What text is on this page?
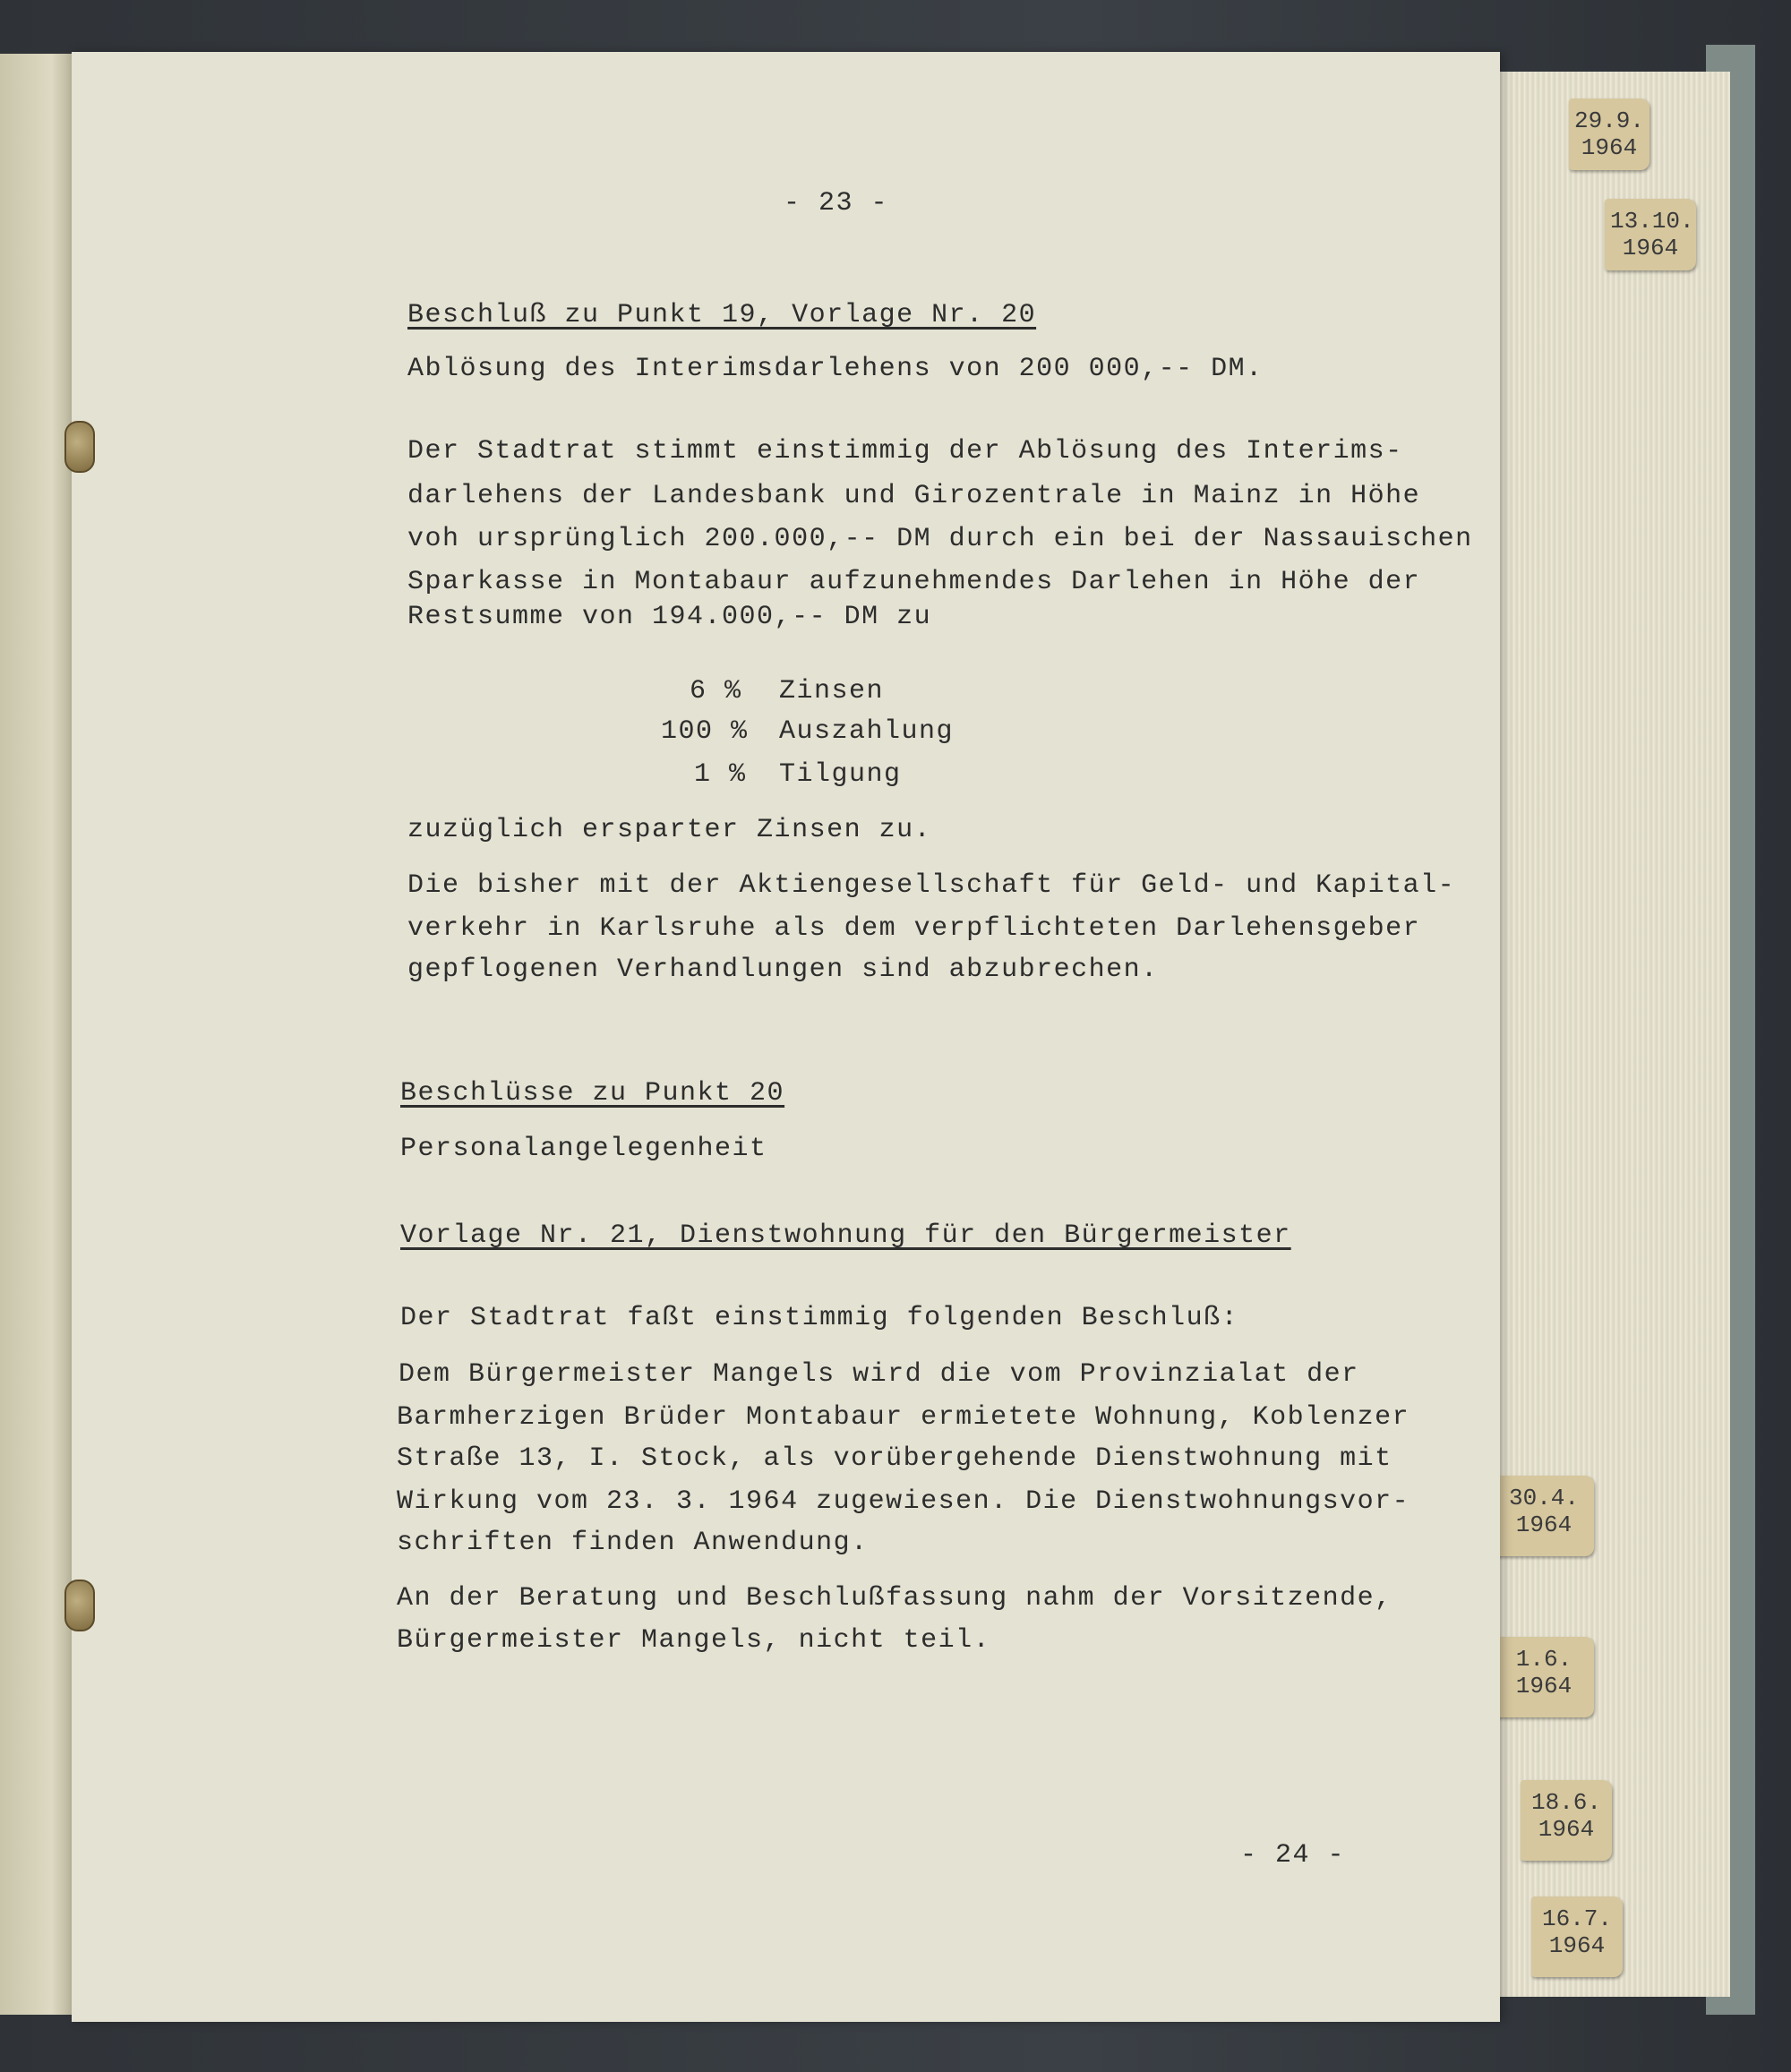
29.9.
1964
13.10.
1964
30.4.
1964
1.6.
1964
18.6.
1964
16.7.
1964
- 23 -
- 24 -
Beschluß zu Punkt 19, Vorlage Nr. 20
Ablösung des Interimsdarlehens von 200 000,-- DM.
Der Stadtrat stimmt einstimmig der Ablösung des Interims-
darlehens der Landesbank und Girozentrale in Mainz in Höhe
voh ursprünglich 200.000,-- DM durch ein bei der Nassauischen
Sparkasse in Montabaur aufzunehmendes Darlehen in Höhe der
Restsumme von 194.000,-- DM zu
6 % Zinsen
100 % Auszahlung
1 % Tilgung
zuzüglich ersparter Zinsen zu.
Die bisher mit der Aktiengesellschaft für Geld- und Kapital-
verkehr in Karlsruhe als dem verpflichteten Darlehensgeber
gepflogenen Verhandlungen sind abzubrechen.
Beschlüsse zu Punkt 20
Personalangelegenheit
Vorlage Nr. 21, Dienstwohnung für den Bürgermeister
Der Stadtrat faßt einstimmig folgenden Beschluß:
Dem Bürgermeister Mangels wird die vom Provinzialat der
Barmherzigen Brüder Montabaur ermietete Wohnung, Koblenzer
Straße 13, I. Stock, als vorübergehende Dienstwohnung mit
Wirkung vom 23. 3. 1964 zugewiesen. Die Dienstwohnungsvor-
schriften finden Anwendung.
An der Beratung und Beschlußfassung nahm der Vorsitzende,
Bürgermeister Mangels, nicht teil.
